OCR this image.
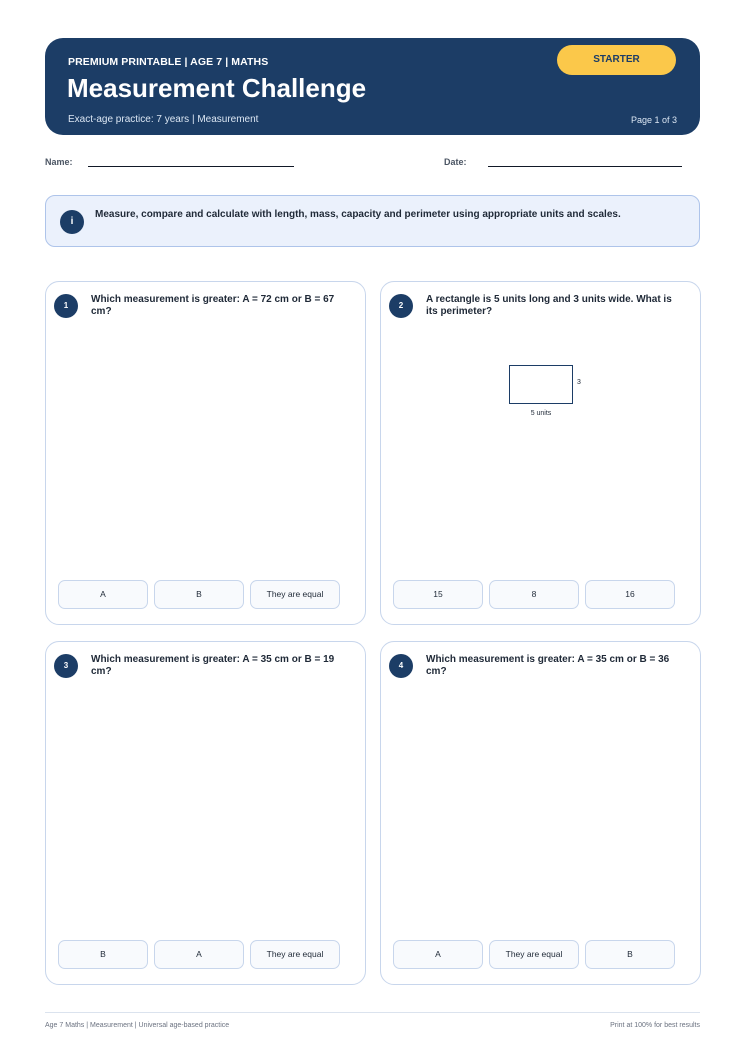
PREMIUM PRINTABLE | AGE 7 | MATHS
Measurement Challenge
Exact-age practice: 7 years | Measurement	Page 1 of 3
STARTER
Name:	Date:
i
Measure, compare and calculate with length, mass, capacity and perimeter using appropriate units and scales.
1
Which measurement is greater: A = 72 cm or B = 67 cm?
A	B	They are equal
2
A rectangle is 5 units long and 3 units wide. What is its perimeter?
3
5 units
15	8	16
3
Which measurement is greater: A = 35 cm or B = 19 cm?
B	A	They are equal
4
Which measurement is greater: A = 35 cm or B = 36 cm?
A	They are equal	B
Age 7 Maths | Measurement | Universal age-based practice	Print at 100% for best results
